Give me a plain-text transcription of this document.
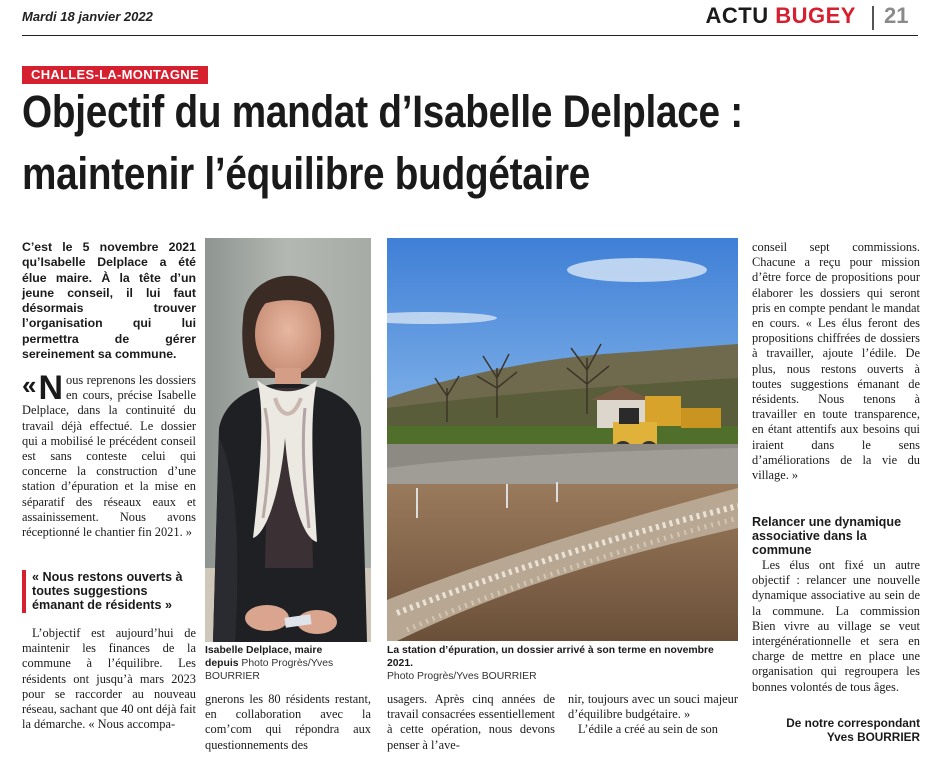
Mardi 18 janvier 2022	ACTU BUGEY 21
CHALLES-LA-MONTAGNE
Objectif du mandat d’Isabelle Delplace :
maintenir l’équilibre budgétaire
C’est le 5 novembre 2021 qu’Isabelle Delplace a été élue maire. À la tête d’un jeune conseil, il lui faut désormais trouver l’organisation qui lui permettra de gérer sereinement sa commune.
« N ous reprenons les dossiers en cours, précise Isabelle Delplace, dans la continuité du travail déjà effectué. Le dossier qui a mobilisé le précédent conseil est sans conteste celui qui concerne la construction d’une station d’épuration et la mise en séparatif des réseaux eaux et assainissement. Nous avons réceptionné le chantier fin 2021. »
« Nous restons ouverts à toutes suggestions émanant de résidents »

L’objectif est aujourd’hui de maintenir les finances de la commune à l’équilibre. Les résidents ont jusqu’à mars 2023 pour se raccorder au nouveau réseau, sachant que 40 ont déjà fait la démarche. « Nous accompa-

Isabelle Delplace, maire
depuis Photo Progrès/Yves BOURRIER
La station d’épuration, un dossier arrivé à son terme en novembre 2021.
Photo Progrès/Yves BOURRIER

gnerons les 80 résidents restant, en collaboration avec la com’com qui répondra aux questionnements des

usagers. Après cinq années de travail consacrées essentiellement à cette opération, nous devons penser à l’ave-

nir, toujours avec un souci majeur d’équilibre budgétaire. »

L’édile a créé au sein de son

conseil sept commissions. Chacune a reçu pour mission d’être force de propositions pour élaborer les dossiers qui seront pris en compte pendant le mandat en cours. « Les élus feront des propositions chiffrées de dossiers à travailler, ajoute l’édile. De plus, nous restons ouverts à toutes suggestions émanant de résidents. Nous tenons à travailler en toute transparence, en étant attentifs aux besoins qui iraient dans le sens d’améliorations de la vie du village. »

Relancer une dynamique associative dans la commune

Les élus ont fixé un autre objectif : relancer une nouvelle dynamique associative au sein de la commune. La commission Bien vivre au village se veut intergénérationnelle et sera en charge de mettre en place une organisation qui regroupera les bonnes volontés de tous âges.

De notre correspondant
Yves BOURRIER
